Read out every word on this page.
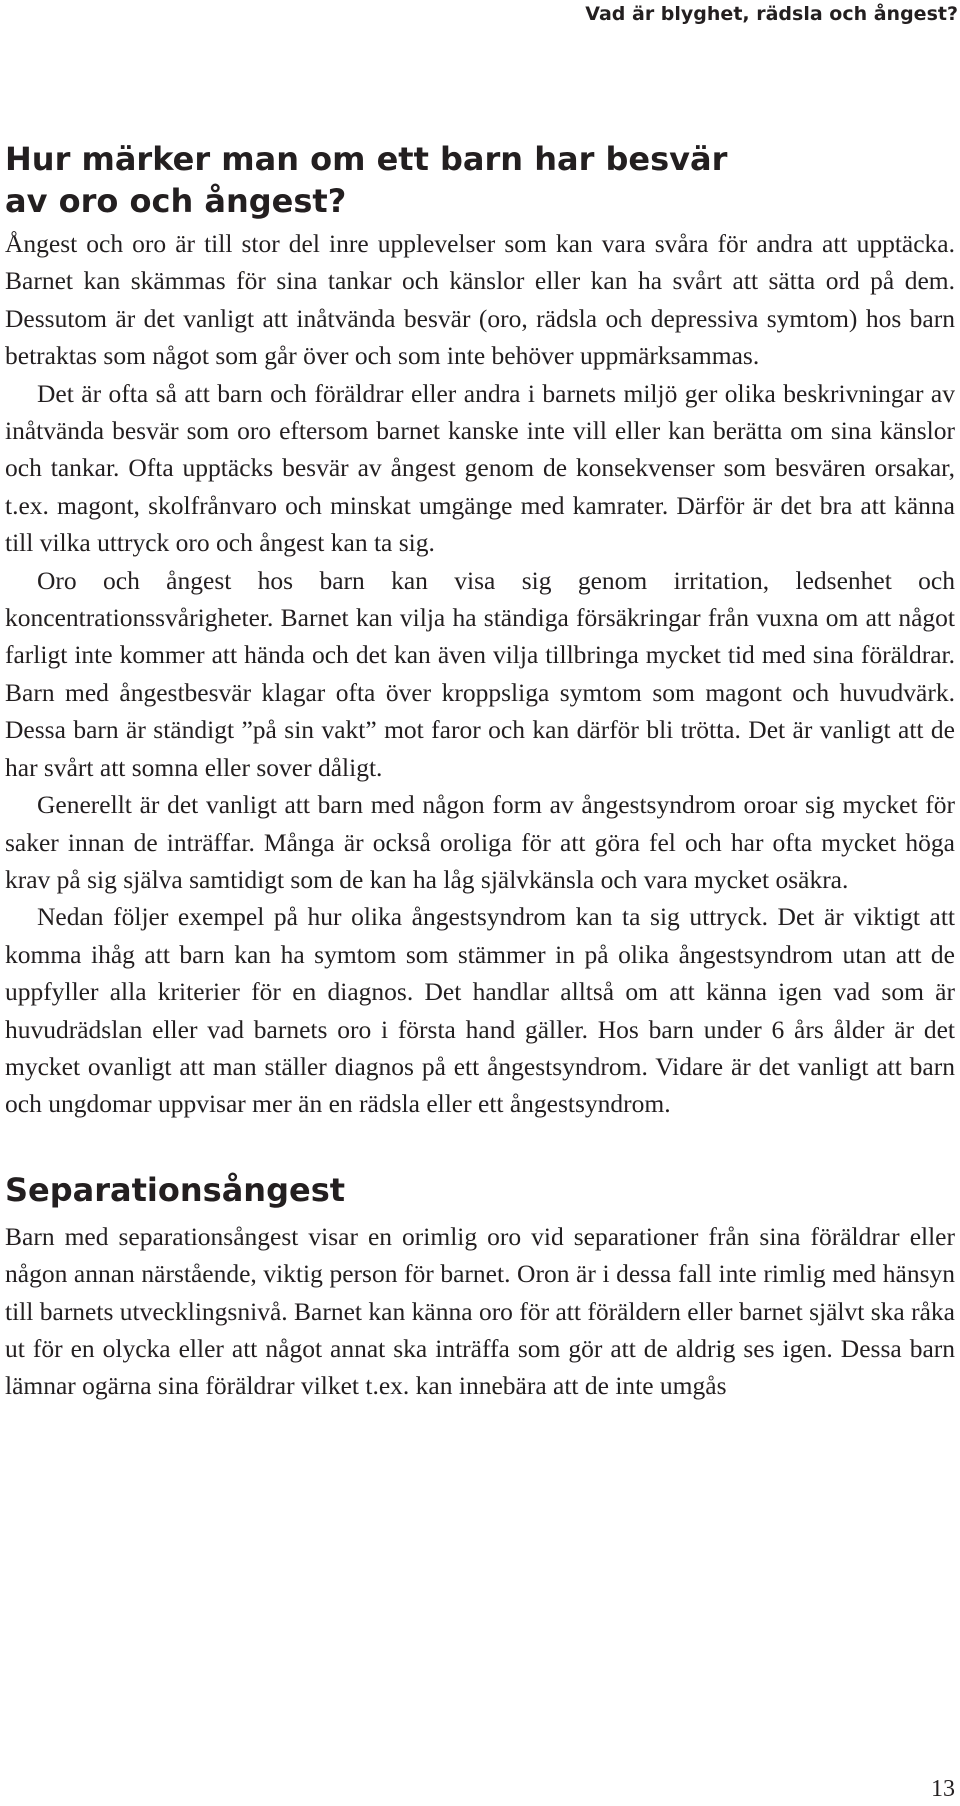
Vad är blyghet, rädsla och ångest?
Hur märker man om ett barn har besvär
av oro och ångest?

Ångest och oro är till stor del inre upplevelser som kan vara svåra för andra att upptäcka. Barnet kan skämmas för sina tankar och känslor eller kan ha svårt att sätta ord på dem. Dessutom är det vanligt att inåtvända besvär (oro, rädsla och depressiva symtom) hos barn betraktas som något som går över och som inte behöver uppmärksammas.

Det är ofta så att barn och föräldrar eller andra i barnets miljö ger olika beskrivningar av inåtvända besvär som oro eftersom barnet kanske inte vill eller kan berätta om sina känslor och tankar. Ofta upptäcks besvär av ångest genom de konsekvenser som besvären orsakar, t.ex. magont, skolfrånvaro och minskat umgänge med kamrater. Därför är det bra att känna till vilka uttryck oro och ångest kan ta sig.

Oro och ångest hos barn kan visa sig genom irritation, ledsenhet och koncentrationssvårigheter. Barnet kan vilja ha ständiga försäkringar från vuxna om att något farligt inte kommer att hända och det kan även vilja tillbringa mycket tid med sina föräldrar. Barn med ångestbesvär klagar ofta över kroppsliga symtom som magont och huvudvärk. Dessa barn är ständigt ”på sin vakt” mot faror och kan därför bli trötta. Det är vanligt att de har svårt att somna eller sover dåligt.

Generellt är det vanligt att barn med någon form av ångestsyndrom oroar sig mycket för saker innan de inträffar. Många är också oroliga för att göra fel och har ofta mycket höga krav på sig själva samtidigt som de kan ha låg självkänsla och vara mycket osäkra.

Nedan följer exempel på hur olika ångestsyndrom kan ta sig uttryck. Det är viktigt att komma ihåg att barn kan ha symtom som stämmer in på olika ångestsyndrom utan att de uppfyller alla kriterier för en diagnos. Det handlar alltså om att känna igen vad som är huvudrädslan eller vad barnets oro i första hand gäller. Hos barn under 6 års ålder är det mycket ovanligt att man ställer diagnos på ett ångestsyndrom. Vidare är det vanligt att barn och ungdomar uppvisar mer än en rädsla eller ett ångestsyndrom.

Separationsångest

Barn med separationsångest visar en orimlig oro vid separationer från sina föräldrar eller någon annan närstående, viktig person för barnet. Oron är i dessa fall inte rimlig med hänsyn till barnets utvecklingsnivå. Barnet kan känna oro för att föräldern eller barnet självt ska råka ut för en olycka eller att något annat ska inträffa som gör att de aldrig ses igen. Dessa barn lämnar ogärna sina föräldrar vilket t.ex. kan innebära att de inte umgås

13
